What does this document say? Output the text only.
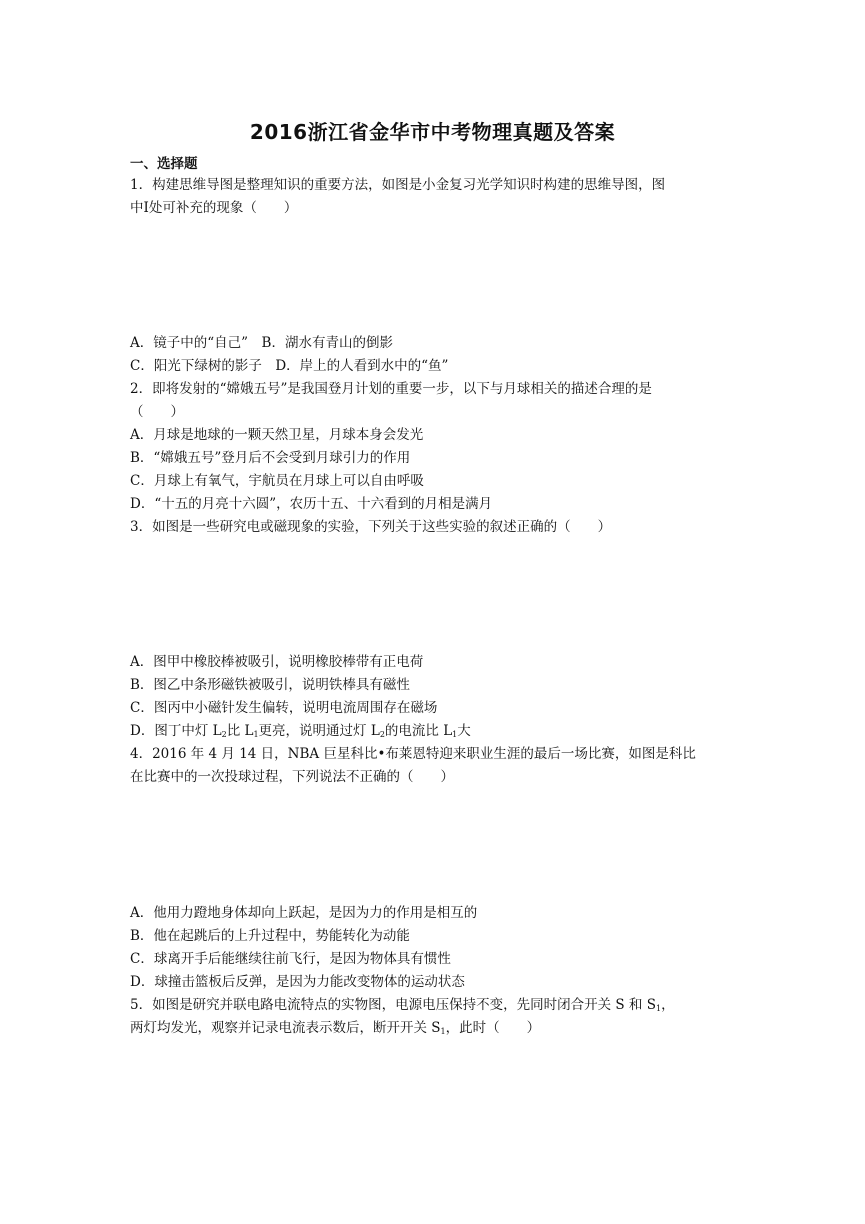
2016浙江省金华市中考物理真题及答案
一、选择题
1．构建思维导图是整理知识的重要方法，如图是小金复习光学知识时构建的思维导图，图
中Ⅰ处可补充的现象（　　）
A．镜子中的“自己”　B．湖水有青山的倒影
C．阳光下绿树的影子　D．岸上的人看到水中的“鱼”
2．即将发射的“嫦娥五号”是我国登月计划的重要一步，以下与月球相关的描述合理的是
（　　）
A．月球是地球的一颗天然卫星，月球本身会发光
B．“嫦娥五号”登月后不会受到月球引力的作用
C．月球上有氧气，宇航员在月球上可以自由呼吸
D．“十五的月亮十六圆”，农历十五、十六看到的月相是满月
3．如图是一些研究电或磁现象的实验，下列关于这些实验的叙述正确的（　　）
A．图甲中橡胶棒被吸引，说明橡胶棒带有正电荷
B．图乙中条形磁铁被吸引，说明铁棒具有磁性
C．图丙中小磁针发生偏转，说明电流周围存在磁场
D．图丁中灯 $L_2$比 $L_1$更亮，说明通过灯 $L_2$的电流比 $L_1$大
4．2016 年 4 月 14 日，NBA 巨星科比•布莱恩特迎来职业生涯的最后一场比赛，如图是科比
在比赛中的一次投球过程，下列说法不正确的（　　）
A．他用力蹬地身体却向上跃起，是因为力的作用是相互的
B．他在起跳后的上升过程中，势能转化为动能
C．球离开手后能继续往前飞行，是因为物体具有惯性
D．球撞击篮板后反弹，是因为力能改变物体的运动状态
5．如图是研究并联电路电流特点的实物图，电源电压保持不变，先同时闭合开关 S 和 $S_1$，
两灯均发光，观察并记录电流表示数后，断开开关 $S_1$，此时（　　）
